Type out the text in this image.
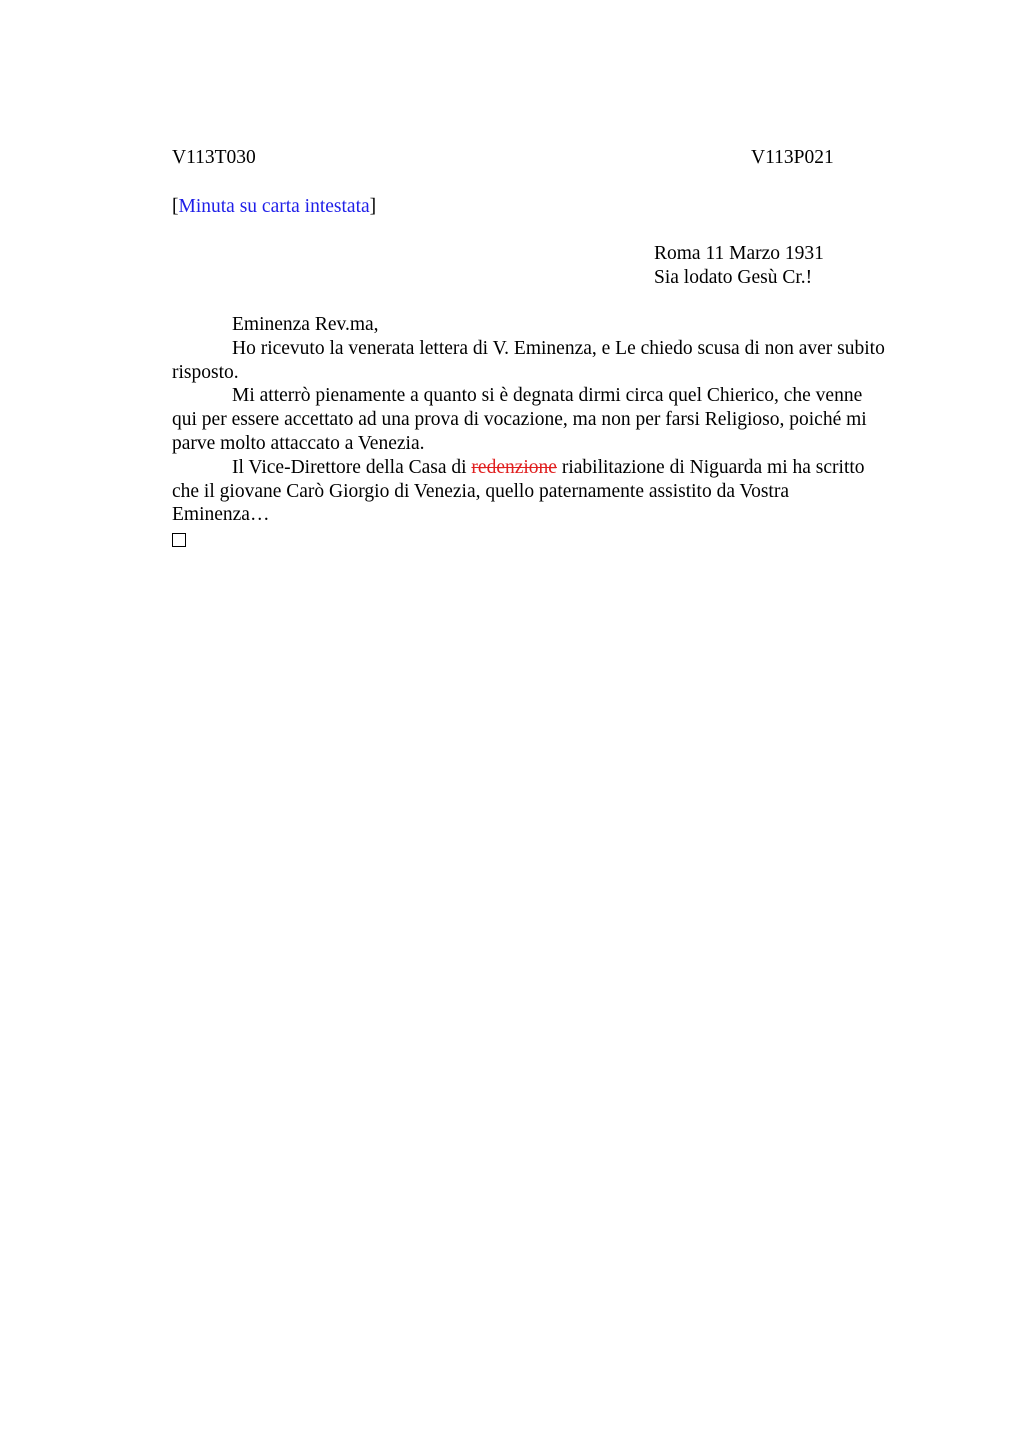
V113T030	V113P021
[Minuta su carta intestata]
Roma 11 Marzo 1931
Sia lodato Gesù Cr.!
Eminenza Rev.ma,
Ho ricevuto la venerata lettera di V. Eminenza, e Le chiedo scusa di non aver subito
risposto.
Mi atterrò pienamente a quanto si è degnata dirmi circa quel Chierico, che venne
qui per essere accettato ad una prova di vocazione, ma non per farsi Religioso, poiché mi
parve molto attaccato a Venezia.
Il Vice-Direttore della Casa di redenzione riabilitazione di Niguarda mi ha scritto
che il giovane Carò Giorgio di Venezia, quello paternamente assistito da Vostra
Eminenza…
